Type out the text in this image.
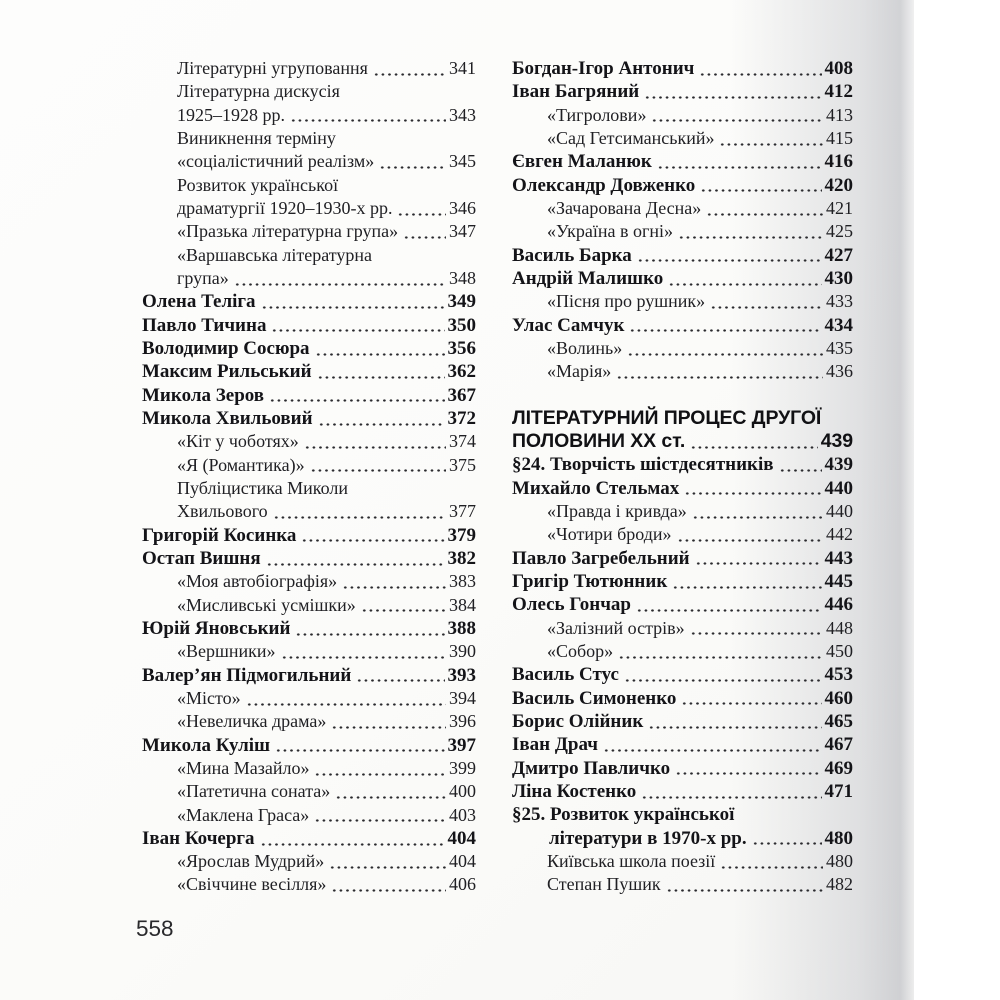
Літературні угруповання	341
Літературна дискусія
1925–1928 рр.	343
Виникнення терміну
«соціалістичний реалізм»	345
Розвиток української
драматургії 1920–1930-х рр.	346
«Празька літературна група»	347
«Варшавська літературна
група»	348
Олена Теліга	349
Павло Тичина	350
Володимир Сосюра	356
Максим Рильський	362
Микола Зеров	367
Микола Хвильовий	372
«Кіт у чоботях»	374
«Я (Романтика)»	375
Публіцистика Миколи
Хвильового	377
Григорій Косинка	379
Остап Вишня	382
«Моя автобіографія»	383
«Мисливські усмішки»	384
Юрій Яновський	388
«Вершники»	390
Валер’ян Підмогильний	393
«Місто»	394
«Невеличка драма»	396
Микола Куліш	397
«Мина Мазайло»	399
«Патетична соната»	400
«Маклена Граса»	403
Іван Кочерга	404
«Ярослав Мудрий»	404
«Свіччине весілля»	406
Богдан-Ігор Антонич	408
Іван Багряний	412
«Тигролови»	413
«Сад Гетсиманський»	415
Євген Маланюк	416
Олександр Довженко	420
«Зачарована Десна»	421
«Україна в огні»	425
Василь Барка	427
Андрій Малишко	430
«Пісня про рушник»	433
Улас Самчук	434
«Волинь»	435
«Марія»	436
ЛІТЕРАТУРНИЙ ПРОЦЕС ДРУГОЇ
ПОЛОВИНИ ХХ ст.	439
§24. Творчість шістдесятників	439
Михайло Стельмах	440
«Правда і кривда»	440
«Чотири броди»	442
Павло Загребельний	443
Григір Тютюнник	445
Олесь Гончар	446
«Залізний острів»	448
«Собор»	450
Василь Стус	453
Василь Симоненко	460
Борис Олійник	465
Іван Драч	467
Дмитро Павличко	469
Ліна Костенко	471
§25. Розвиток української
літератури в 1970-х рр.	480
Київська школа поезії	480
Степан Пушик	482
558
